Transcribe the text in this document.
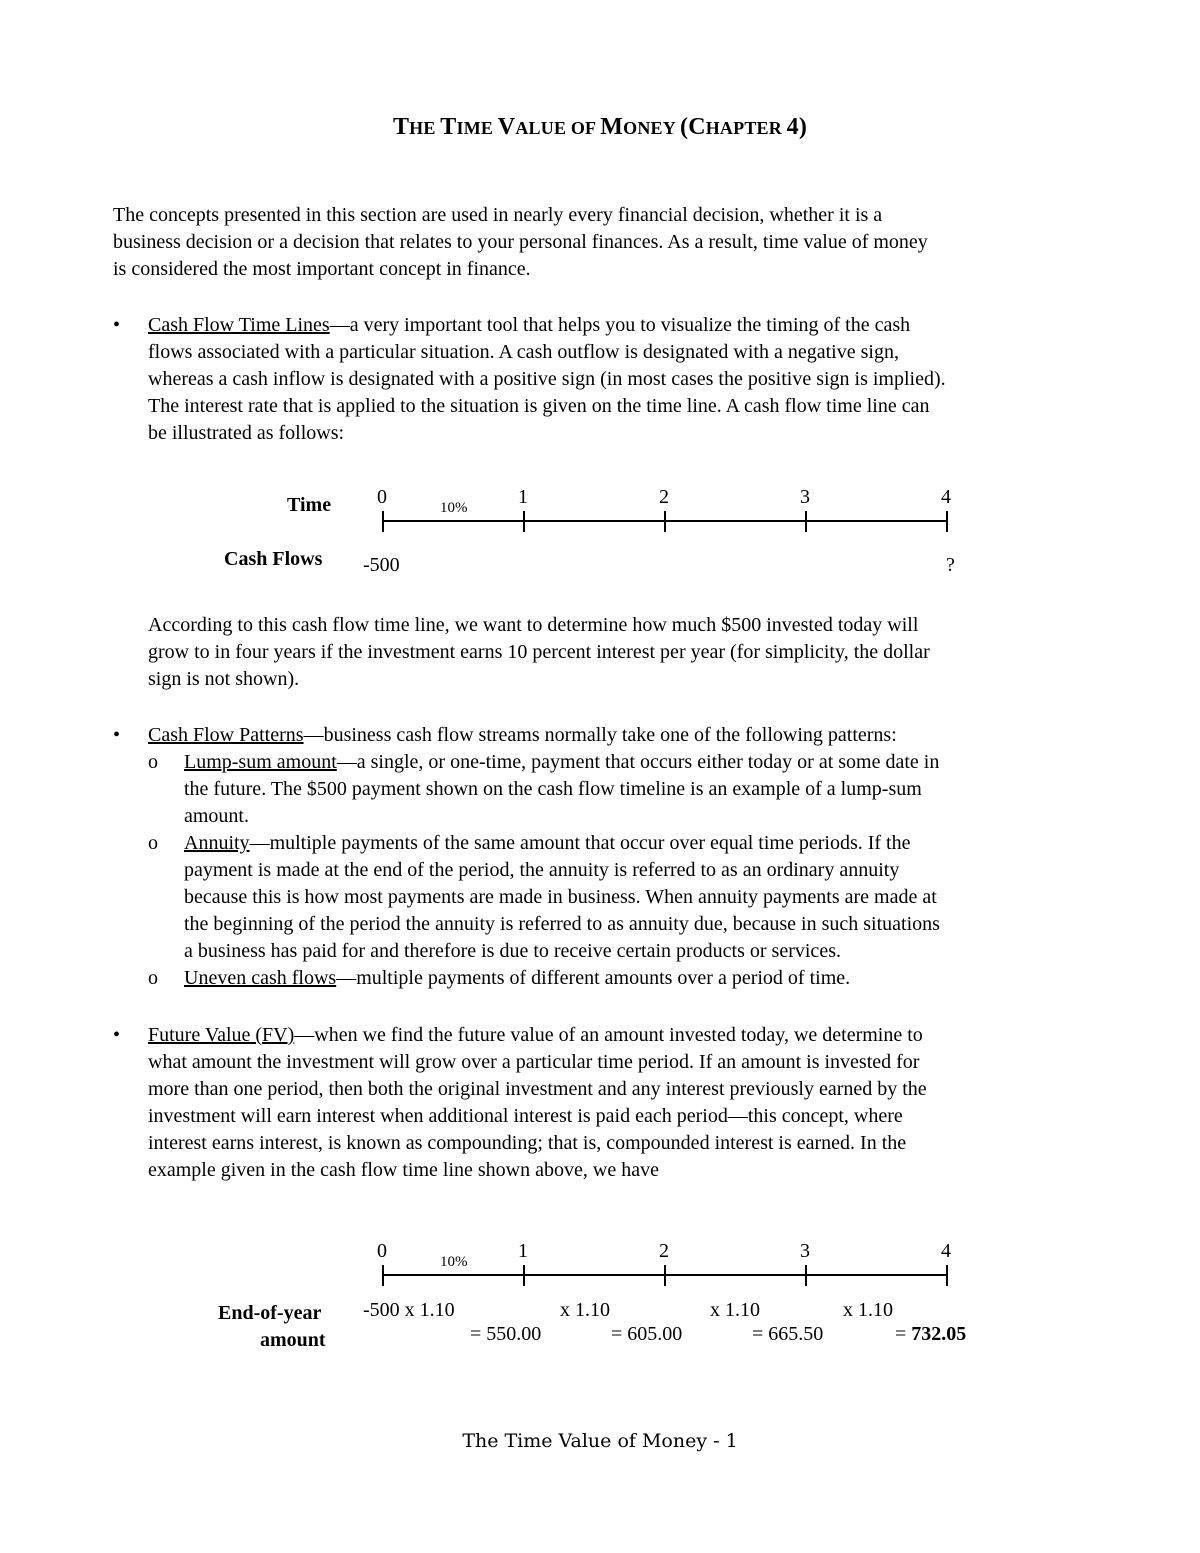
THE TIME VALUE OF MONEY (CHAPTER 4)
The concepts presented in this section are used in nearly every financial decision, whether it is a
business decision or a decision that relates to your personal finances. As a result, time value of money
is considered the most important concept in finance.
• Cash Flow Time Lines—a very important tool that helps you to visualize the timing of the cash
flows associated with a particular situation. A cash outflow is designated with a negative sign,
whereas a cash inflow is designated with a positive sign (in most cases the positive sign is implied).
The interest rate that is applied to the situation is given on the time line. A cash flow time line can
be illustrated as follows:
Time 0	1	2	3	4
10%
Cash Flows -500	?
According to this cash flow time line, we want to determine how much $500 invested today will
grow to in four years if the investment earns 10 percent interest per year (for simplicity, the dollar
sign is not shown).
• Cash Flow Patterns—business cash flow streams normally take one of the following patterns:
o Lump-sum amount—a single, or one-time, payment that occurs either today or at some date in
the future. The $500 payment shown on the cash flow timeline is an example of a lump-sum
amount.
o Annuity—multiple payments of the same amount that occur over equal time periods. If the
payment is made at the end of the period, the annuity is referred to as an ordinary annuity
because this is how most payments are made in business. When annuity payments are made at
the beginning of the period the annuity is referred to as annuity due, because in such situations
a business has paid for and therefore is due to receive certain products or services.
o Uneven cash flows—multiple payments of different amounts over a period of time.
• Future Value (FV)—when we find the future value of an amount invested today, we determine to
what amount the investment will grow over a particular time period. If an amount is invested for
more than one period, then both the original investment and any interest previously earned by the
investment will earn interest when additional interest is paid each period—this concept, where
interest earns interest, is known as compounding; that is, compounded interest is earned. In the
example given in the cash flow time line shown above, we have
0	1	2	3	4
10%
End-of-year
amount
-500 x 1.10	x 1.10	x 1.10	x 1.10
= 550.00	= 605.00	= 665.50	= 732.05
The Time Value of Money - 1
